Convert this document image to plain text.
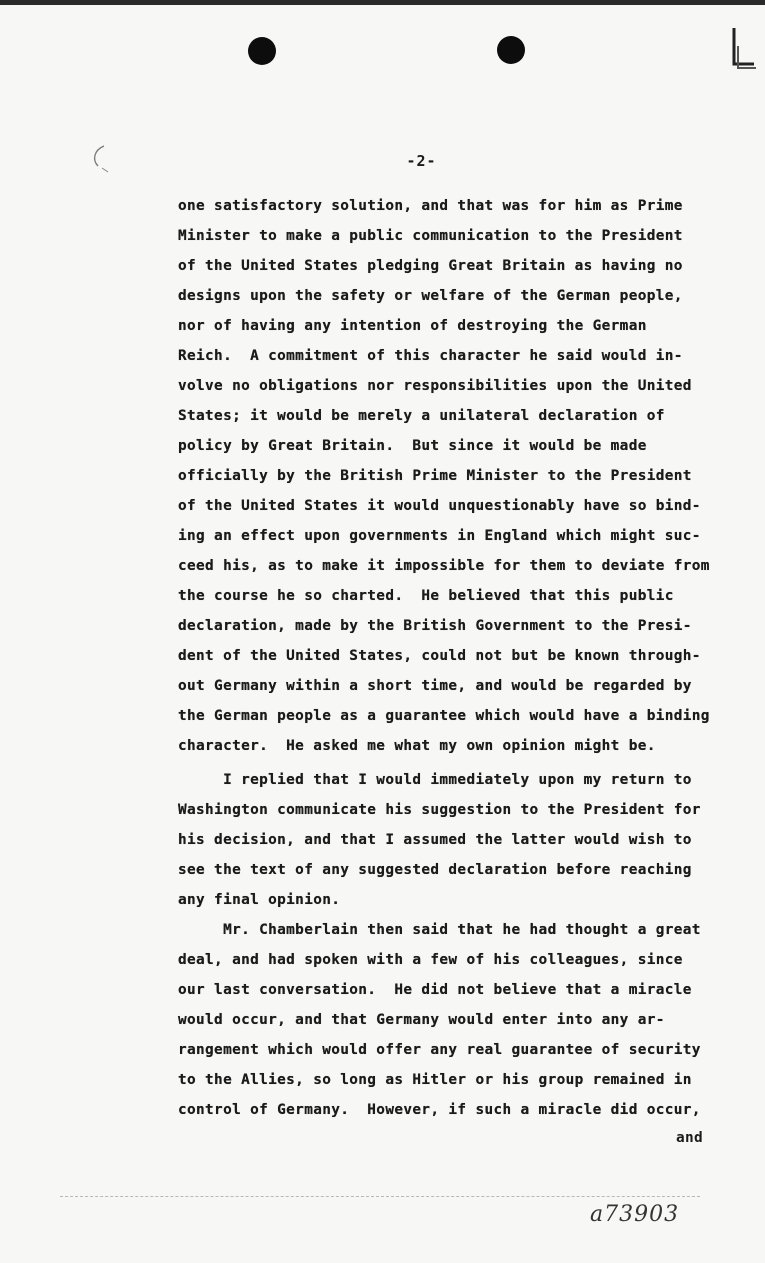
-2-
one satisfactory solution, and that was for him as Prime
Minister to make a public communication to the President
of the United States pledging Great Britain as having no
designs upon the safety or welfare of the German people,
nor of having any intention of destroying the German
Reich.  A commitment of this character he said would in-
volve no obligations nor responsibilities upon the United
States; it would be merely a unilateral declaration of
policy by Great Britain.  But since it would be made
officially by the British Prime Minister to the President
of the United States it would unquestionably have so bind-
ing an effect upon governments in England which might suc-
ceed his, as to make it impossible for them to deviate from
the course he so charted.  He believed that this public
declaration, made by the British Government to the Presi-
dent of the United States, could not but be known through-
out Germany within a short time, and would be regarded by
the German people as a guarantee which would have a binding
character.  He asked me what my own opinion might be.
I replied that I would immediately upon my return to
Washington communicate his suggestion to the President for
his decision, and that I assumed the latter would wish to
see the text of any suggested declaration before reaching
any final opinion.
Mr. Chamberlain then said that he had thought a great
deal, and had spoken with a few of his colleagues, since
our last conversation.  He did not believe that a miracle
would occur, and that Germany would enter into any ar-
rangement which would offer any real guarantee of security
to the Allies, so long as Hitler or his group remained in
control of Germany.  However, if such a miracle did occur,
and
a73903
